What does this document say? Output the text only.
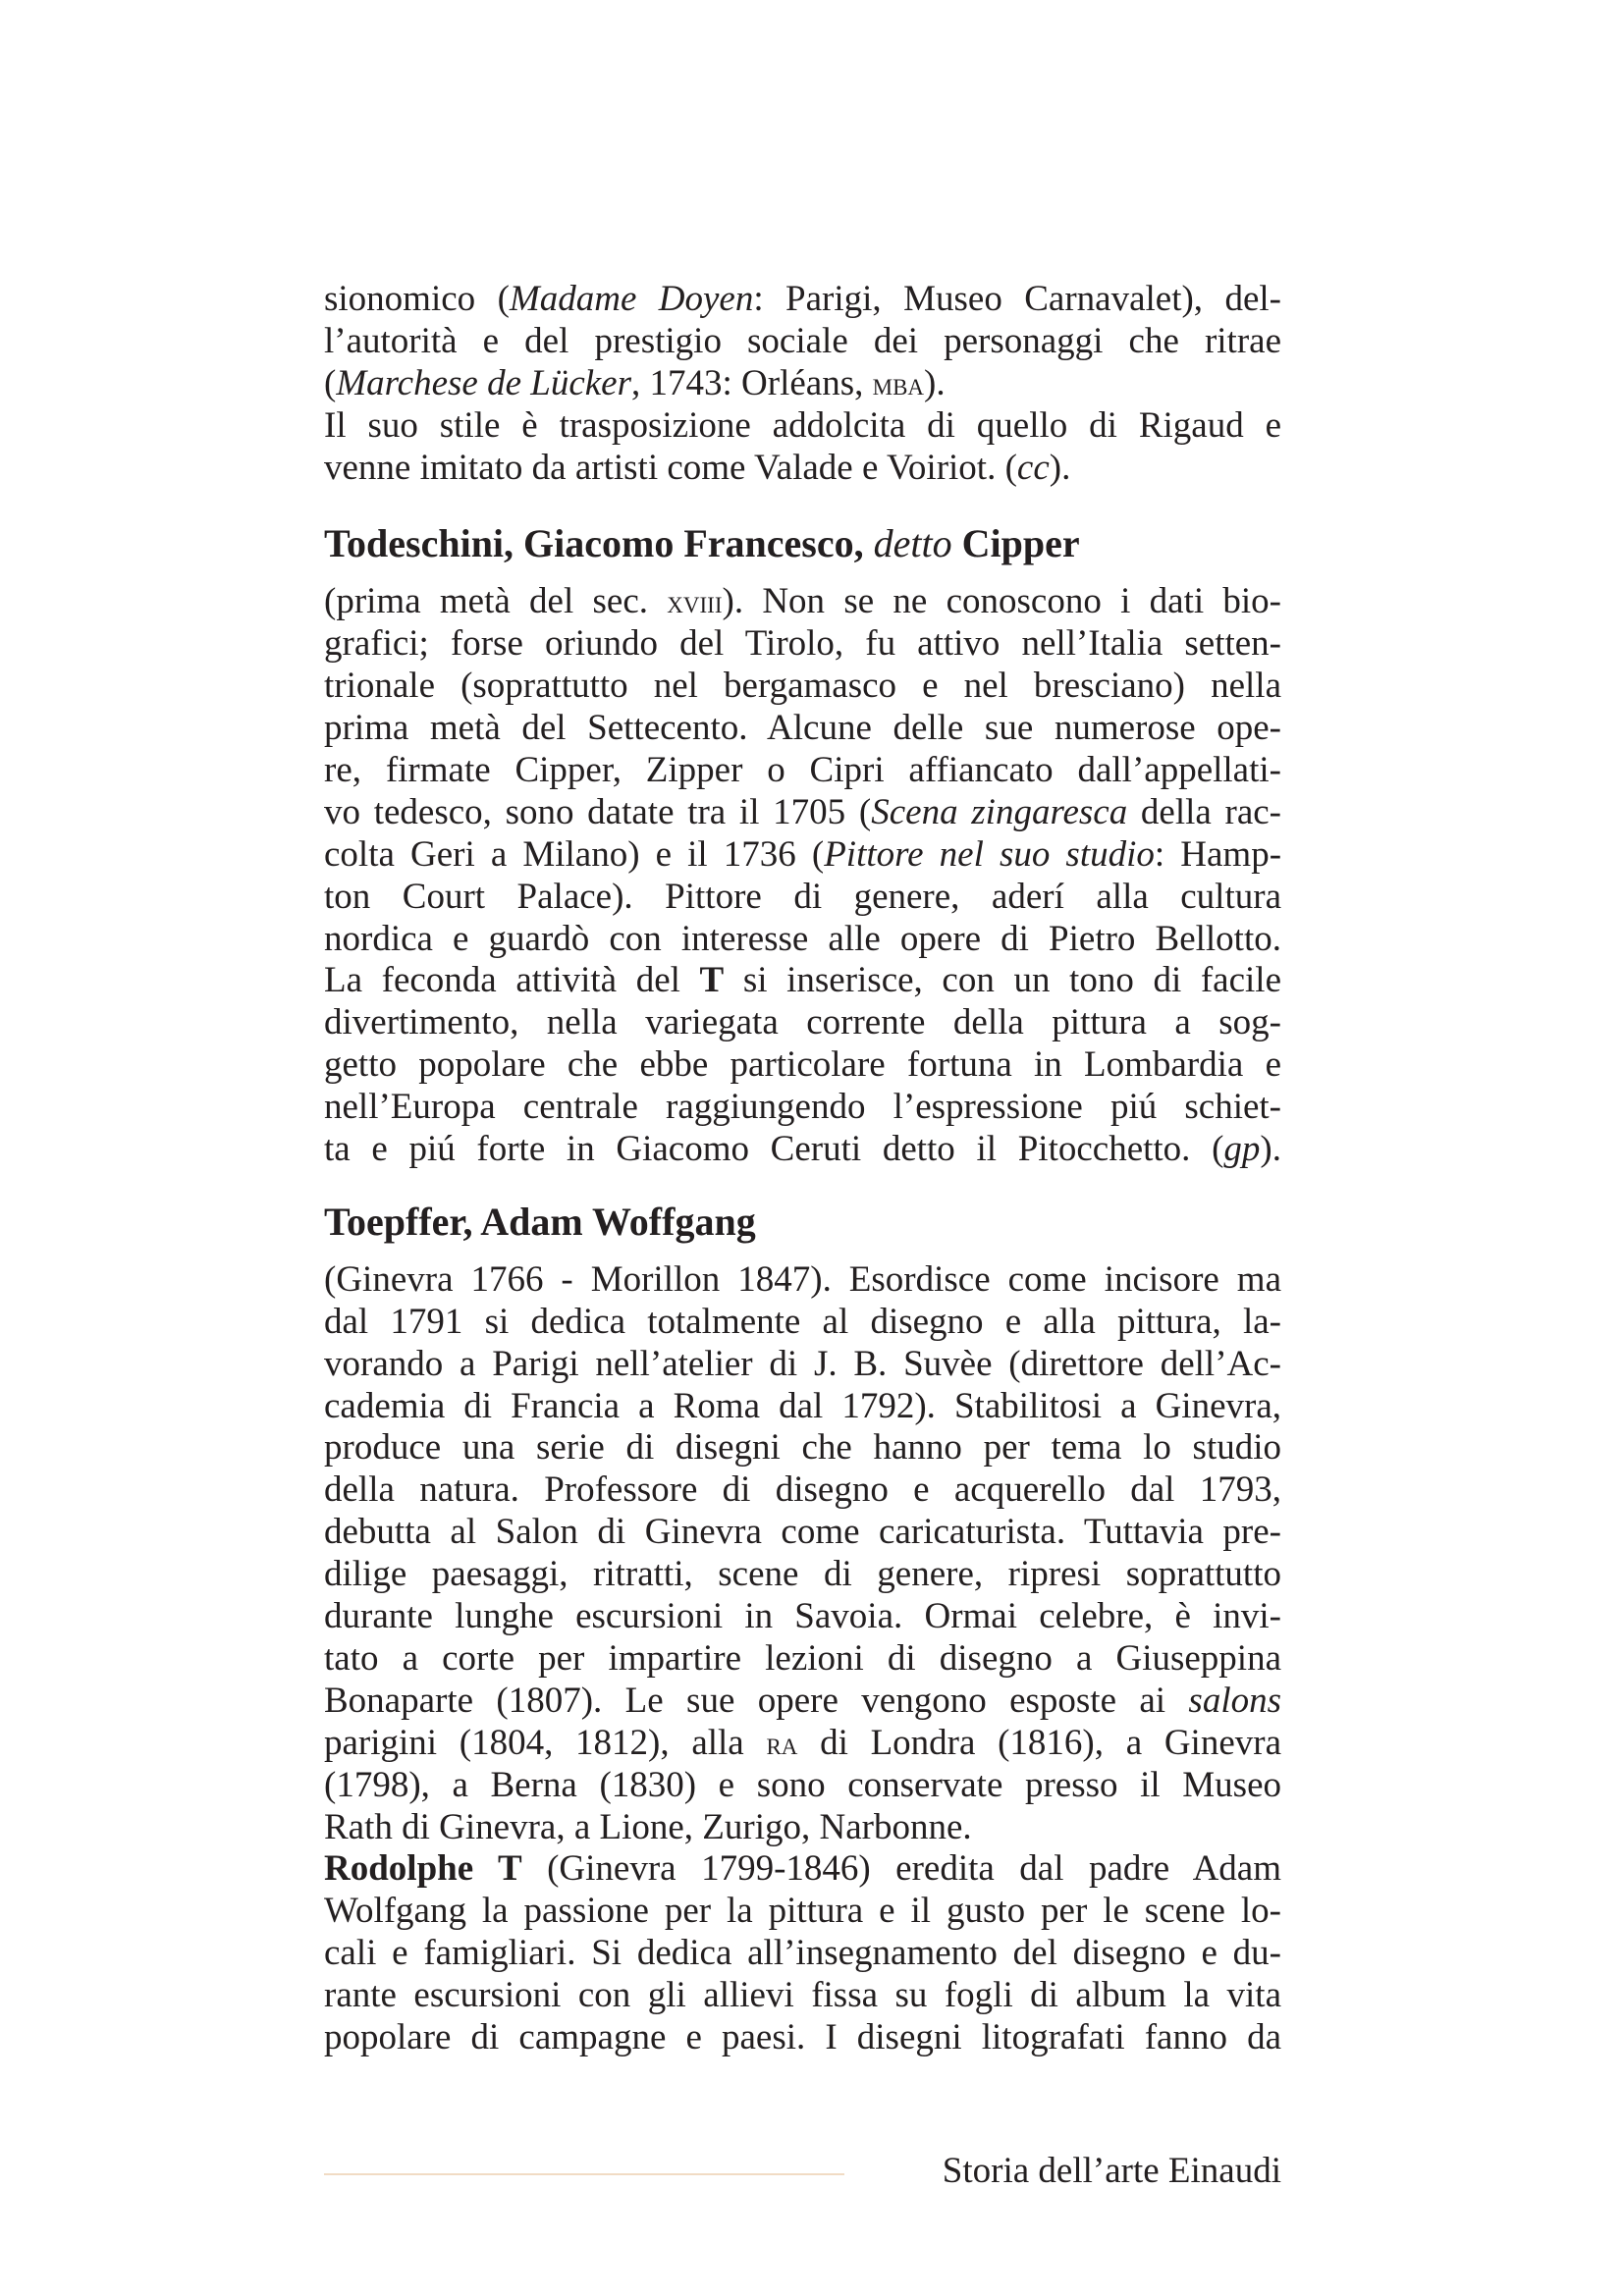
sionomico (Madame Doyen: Parigi, Museo Carnavalet), del-
l’autorità e del prestigio sociale dei personaggi che ritrae
(Marchese de Lücker, 1743: Orléans, mba).
Il suo stile è trasposizione addolcita di quello di Rigaud e
venne imitato da artisti come Valade e Voiriot. (cc).
Todeschini, Giacomo Francesco, detto Cipper
(prima metà del sec. xviii). Non se ne conoscono i dati bio-
grafici; forse oriundo del Tirolo, fu attivo nell’Italia setten-
trionale (soprattutto nel bergamasco e nel bresciano) nella
prima metà del Settecento. Alcune delle sue numerose ope-
re, firmate Cipper, Zipper o Cipri affiancato dall’appellati-
vo tedesco, sono datate tra il 1705 (Scena zingaresca della rac-
colta Geri a Milano) e il 1736 (Pittore nel suo studio: Hamp-
ton Court Palace). Pittore di genere, aderí alla cultura
nordica e guardò con interesse alle opere di Pietro Bellotto.
La feconda attività del T si inserisce, con un tono di facile
divertimento, nella variegata corrente della pittura a sog-
getto popolare che ebbe particolare fortuna in Lombardia e
nell’Europa centrale raggiungendo l’espressione piú schiet-
ta e piú forte in Giacomo Ceruti detto il Pitocchetto. (gp).
Toepffer, Adam Woffgang
(Ginevra 1766 - Morillon 1847). Esordisce come incisore ma
dal 1791 si dedica totalmente al disegno e alla pittura, la-
vorando a Parigi nell’atelier di J. B. Suvèe (direttore dell’Ac-
cademia di Francia a Roma dal 1792). Stabilitosi a Ginevra,
produce una serie di disegni che hanno per tema lo studio
della natura. Professore di disegno e acquerello dal 1793,
debutta al Salon di Ginevra come caricaturista. Tuttavia pre-
dilige paesaggi, ritratti, scene di genere, ripresi soprattutto
durante lunghe escursioni in Savoia. Ormai celebre, è invi-
tato a corte per impartire lezioni di disegno a Giuseppina
Bonaparte (1807). Le sue opere vengono esposte ai salons
parigini (1804, 1812), alla ra di Londra (1816), a Ginevra
(1798), a Berna (1830) e sono conservate presso il Museo
Rath di Ginevra, a Lione, Zurigo, Narbonne.
Rodolphe T (Ginevra 1799-1846) eredita dal padre Adam
Wolfgang la passione per la pittura e il gusto per le scene lo-
cali e famigliari. Si dedica all’insegnamento del disegno e du-
rante escursioni con gli allievi fissa su fogli di album la vita
popolare di campagne e paesi. I disegni litografati fanno da
Storia dell’arte Einaudi
